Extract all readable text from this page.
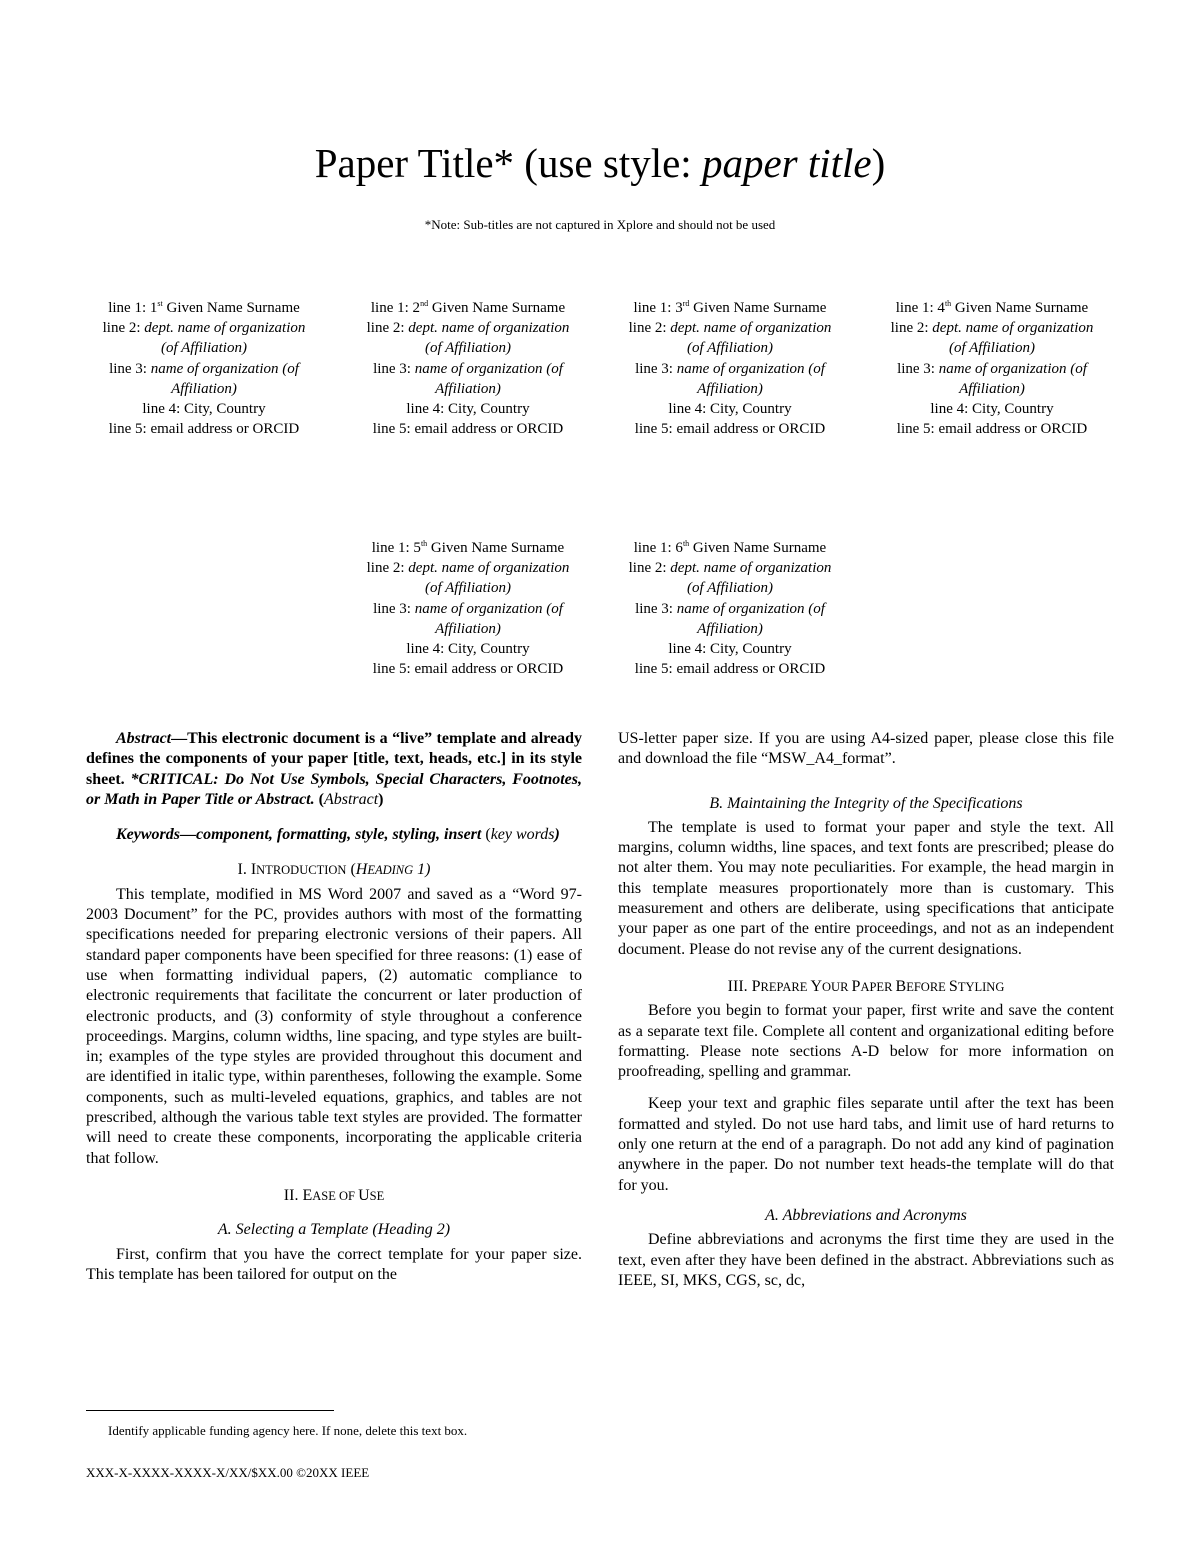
Paper Title* (use style: paper title)
*Note: Sub-titles are not captured in Xplore and should not be used
line 1: 1st Given Name Surname
line 2: dept. name of organization
(of Affiliation)
line 3: name of organization (of
Affiliation)
line 4: City, Country
line 5: email address or ORCID
line 1: 2nd Given Name Surname
line 2: dept. name of organization
(of Affiliation)
line 3: name of organization (of
Affiliation)
line 4: City, Country
line 5: email address or ORCID
line 1: 3rd Given Name Surname
line 2: dept. name of organization
(of Affiliation)
line 3: name of organization (of
Affiliation)
line 4: City, Country
line 5: email address or ORCID
line 1: 4th Given Name Surname
line 2: dept. name of organization
(of Affiliation)
line 3: name of organization (of
Affiliation)
line 4: City, Country
line 5: email address or ORCID
line 1: 5th Given Name Surname
line 2: dept. name of organization
(of Affiliation)
line 3: name of organization (of
Affiliation)
line 4: City, Country
line 5: email address or ORCID
line 1: 6th Given Name Surname
line 2: dept. name of organization
(of Affiliation)
line 3: name of organization (of
Affiliation)
line 4: City, Country
line 5: email address or ORCID

Abstract—This electronic document is a “live” template and already defines the components of your paper [title, text, heads, etc.] in its style sheet. *CRITICAL: Do Not Use Symbols, Special Characters, Footnotes, or Math in Paper Title or Abstract. (Abstract)

Keywords—component, formatting, style, styling, insert (key words)

I. INTRODUCTION (HEADING 1)

This template, modified in MS Word 2007 and saved as a “Word 97-2003 Document” for the PC, provides authors with most of the formatting specifications needed for preparing electronic versions of their papers. All standard paper components have been specified for three reasons: (1) ease of use when formatting individual papers, (2) automatic compliance to electronic requirements that facilitate the concurrent or later production of electronic products, and (3) conformity of style throughout a conference proceedings. Margins, column widths, line spacing, and type styles are built-in; examples of the type styles are provided throughout this document and are identified in italic type, within parentheses, following the example. Some components, such as multi-leveled equations, graphics, and tables are not prescribed, although the various table text styles are provided. The formatter will need to create these components, incorporating the applicable criteria that follow.

II. EASE OF USE

A. Selecting a Template (Heading 2)

First, confirm that you have the correct template for your paper size. This template has been tailored for output on the

US-letter paper size. If you are using A4-sized paper, please close this file and download the file “MSW_A4_format”.

B. Maintaining the Integrity of the Specifications

The template is used to format your paper and style the text. All margins, column widths, line spaces, and text fonts are prescribed; please do not alter them. You may note peculiarities. For example, the head margin in this template measures proportionately more than is customary. This measurement and others are deliberate, using specifications that anticipate your paper as one part of the entire proceedings, and not as an independent document. Please do not revise any of the current designations.

III. PREPARE YOUR PAPER BEFORE STYLING

Before you begin to format your paper, first write and save the content as a separate text file. Complete all content and organizational editing before formatting. Please note sections A-D below for more information on proofreading, spelling and grammar.

Keep your text and graphic files separate until after the text has been formatted and styled. Do not use hard tabs, and limit use of hard returns to only one return at the end of a paragraph. Do not add any kind of pagination anywhere in the paper. Do not number text heads-the template will do that for you.

A. Abbreviations and Acronyms

Define abbreviations and acronyms the first time they are used in the text, even after they have been defined in the abstract. Abbreviations such as IEEE, SI, MKS, CGS, sc, dc,

Identify applicable funding agency here. If none, delete this text box.
XXX-X-XXXX-XXXX-X/XX/$XX.00 ©20XX IEEE
